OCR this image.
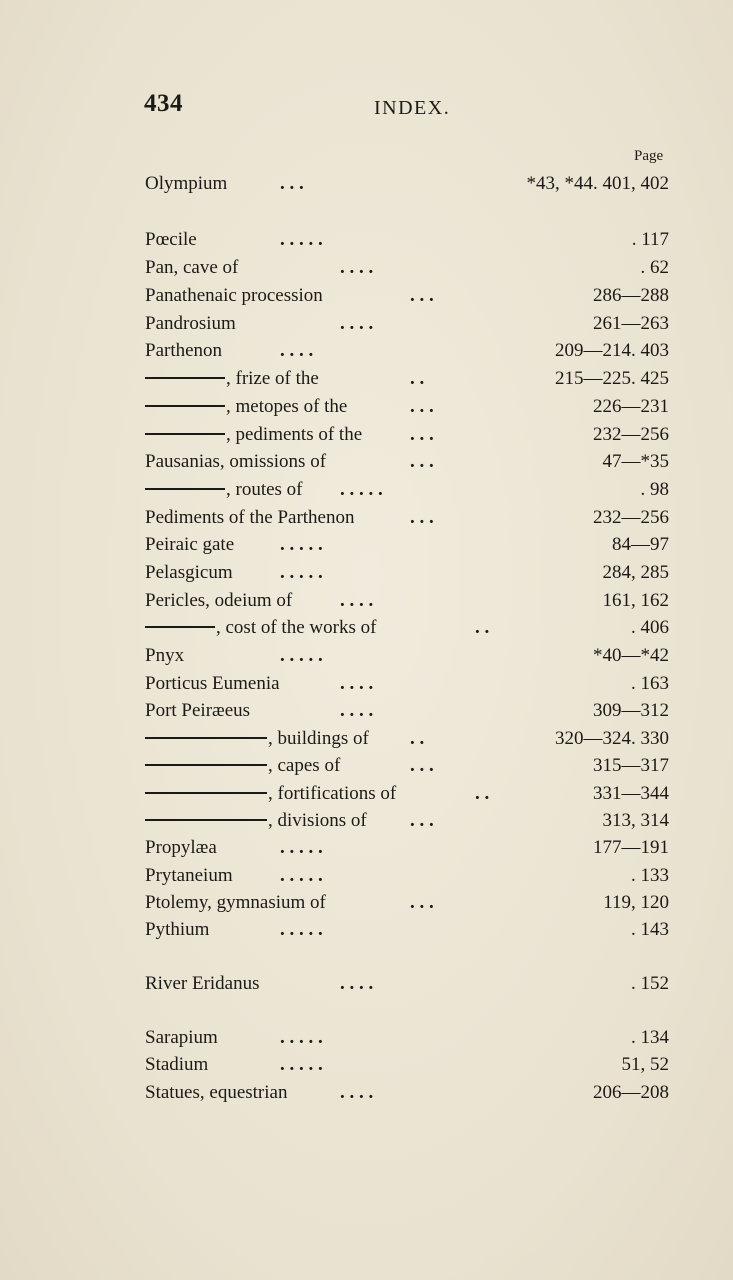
434	INDEX.
Page
Olympium	. . .	*43, *44. 401, 402
Pœcile	. . . . .	. 117
Pan, cave of	. . . .	. 62
Panathenaic procession	. . .	286—288
Pandrosium	. . . .	261—263
Parthenon	. . . .	209—214. 403
, frize of the	. .	215—225. 425
, metopes of the	. . .	226—231
, pediments of the	. . .	232—256
Pausanias, omissions of	. . .	47—*35
, routes of . . . . .	. 98
Pediments of the Parthenon	. . .	232—256
Peiraic gate . . . . .	84—97
Pelasgicum . . . . .	284, 285
Pericles, odeium of	. . . .	161, 162
, cost of the works of	. .	. 406
Pnyx	. . . . .	*40—*42
Porticus Eumenia	. . . .	. 163
Port Peiræeus	. . . .	309—312
, buildings of . .	320—324. 330
, capes of	. . .	315—317
, fortifications of	. .	331—344
, divisions of . . .	313, 314
Propylæa	. . . . .	177—191
Prytaneium . . . . .	. 133
Ptolemy, gymnasium of	. . .	119, 120
Pythium	. . . . .	. 143
River Eridanus	. . . .	. 152
Sarapium	. . . . .	. 134
Stadium	. . . . .	51, 52
Statues, equestrian	. . . .	206—208
